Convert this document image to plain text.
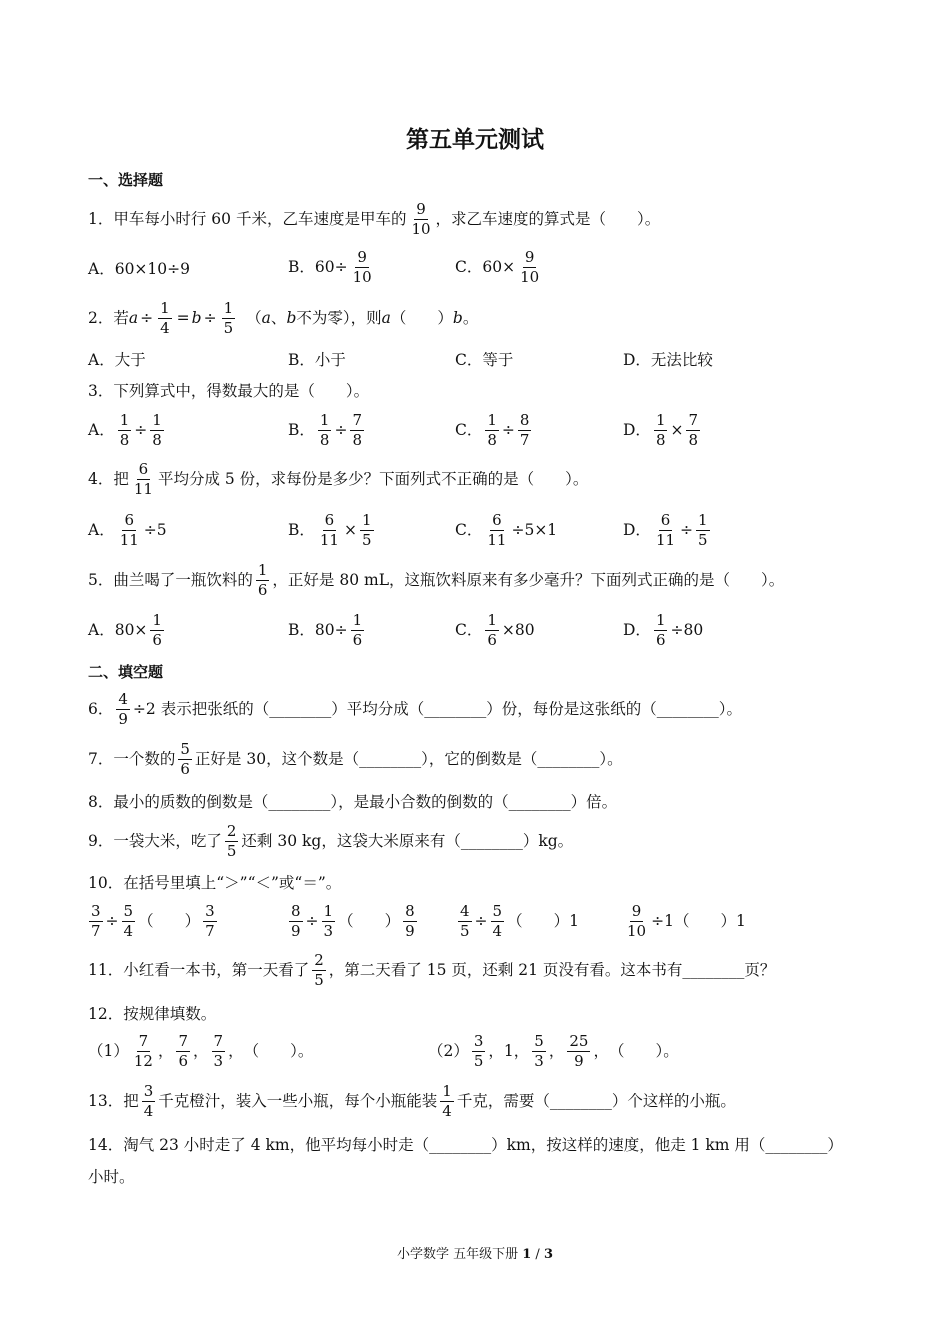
第五单元测试
一、选择题
1．甲车每小时行 60 千米，乙车速度是甲车的 $\frac{9}{10}$ ，求乙车速度的算式是（　　）。
A．60×10÷9	B． $60\div \frac{9}{10}$	C． $60\times \frac{9}{10}$
2．若 $a \div \frac{1}{4} = b \div \frac{1}{5}$ （ a 、 b 不为零），则 a （　　） b 。
A．大于	B．小于	C．等于	D．无法比较
3．下列算式中，得数最大的是（　　）。
A． $\frac{1}{8} \div \frac{1}{8}$	B． $\frac{1}{8} \div \frac{7}{8}$	C． $\frac{1}{8} \div \frac{8}{7}$	D． $\frac{1}{8} \times \frac{7}{8}$
4．把 $\frac{6}{11}$ 平均分成 5 份，求每份是多少？下面列式不正确的是（　　）。
A． $\frac{6}{11} \div 5$	B． $\frac{6}{11} \times \frac{1}{5}$	C． $\frac{6}{11} \div 5\times 1$	D． $\frac{6}{11} \div \frac{1}{5}$
5．曲兰喝了一瓶饮料的 $\frac{1}{6}$ ，正好是 80 mL，这瓶饮料原来有多少毫升？下面列式正确的是（　　）。
A． $80\times \frac{1}{6}$	B． $80\div \frac{1}{6}$	C． $\frac{1}{6} \times 80$	D． $\frac{1}{6} \div 80$
二、填空题
6． $\frac{4}{9} \div 2$ 表示把张纸的（________）平均分成（________）份，每份是这张纸的（________）。
7．一个数的 $\frac{5}{6}$ 正好是 30，这个数是（________），它的倒数是（________）。
8．最小的质数的倒数是（________），是最小合数的倒数的（________）倍。
9．一袋大米，吃了 $\frac{2}{5}$ 还剩 30 kg，这袋大米原来有（________）kg。
10．在括号里填上“＞”“＜”或“＝”。
$\frac{3}{7} \div \frac{5}{4}$ （　　） $\frac{3}{7}$	$\frac{8}{9} \div \frac{1}{3}$ （　　） $\frac{8}{9}$	$\frac{4}{5} \div \frac{5}{4}$ （　　）1	$\frac{9}{10} \div 1$ （　　）1
11．小红看一本书，第一天看了 $\frac{2}{5}$ ，第二天看了 15 页，还剩 21 页没有看。这本书有________页？
12．按规律填数。
$(1) \frac{7}{12}$ ， $\frac{7}{6}$ ， $\frac{7}{3}$ ， （　　）。	$(2) \frac{3}{5}$ ，1， $\frac{5}{3}$ ， $\frac{25}{9}$ ， （　　）。
13．把 $\frac{3}{4}$ 千克橙汁，装入一些小瓶，每个小瓶能装 $\frac{1}{4}$ 千克，需要（________）个这样的小瓶。
14．淘气 23 小时走了 4 km，他平均每小时走（________）km，按这样的速度，他走 1 km 用（________）
小时。
小学数学 五年级下册 1 / 3
